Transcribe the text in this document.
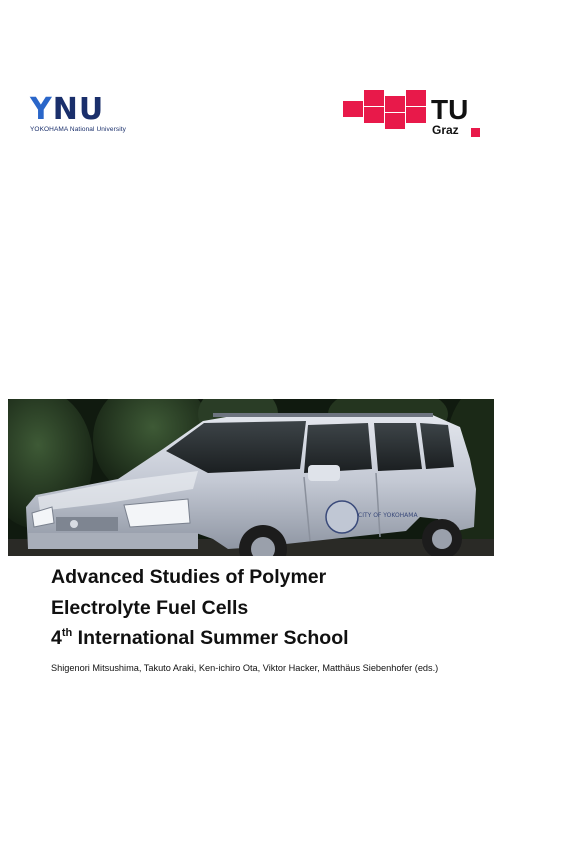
YNU
YOKOHAMA National University
TU
Graz
CITY OF YOKOHAMA
Advanced Studies of Polymer
Electrolyte Fuel Cells
4th International Summer School
Shigenori Mitsushima, Takuto Araki, Ken-ichiro Ota, Viktor Hacker, Matthäus Siebenhofer (eds.)
